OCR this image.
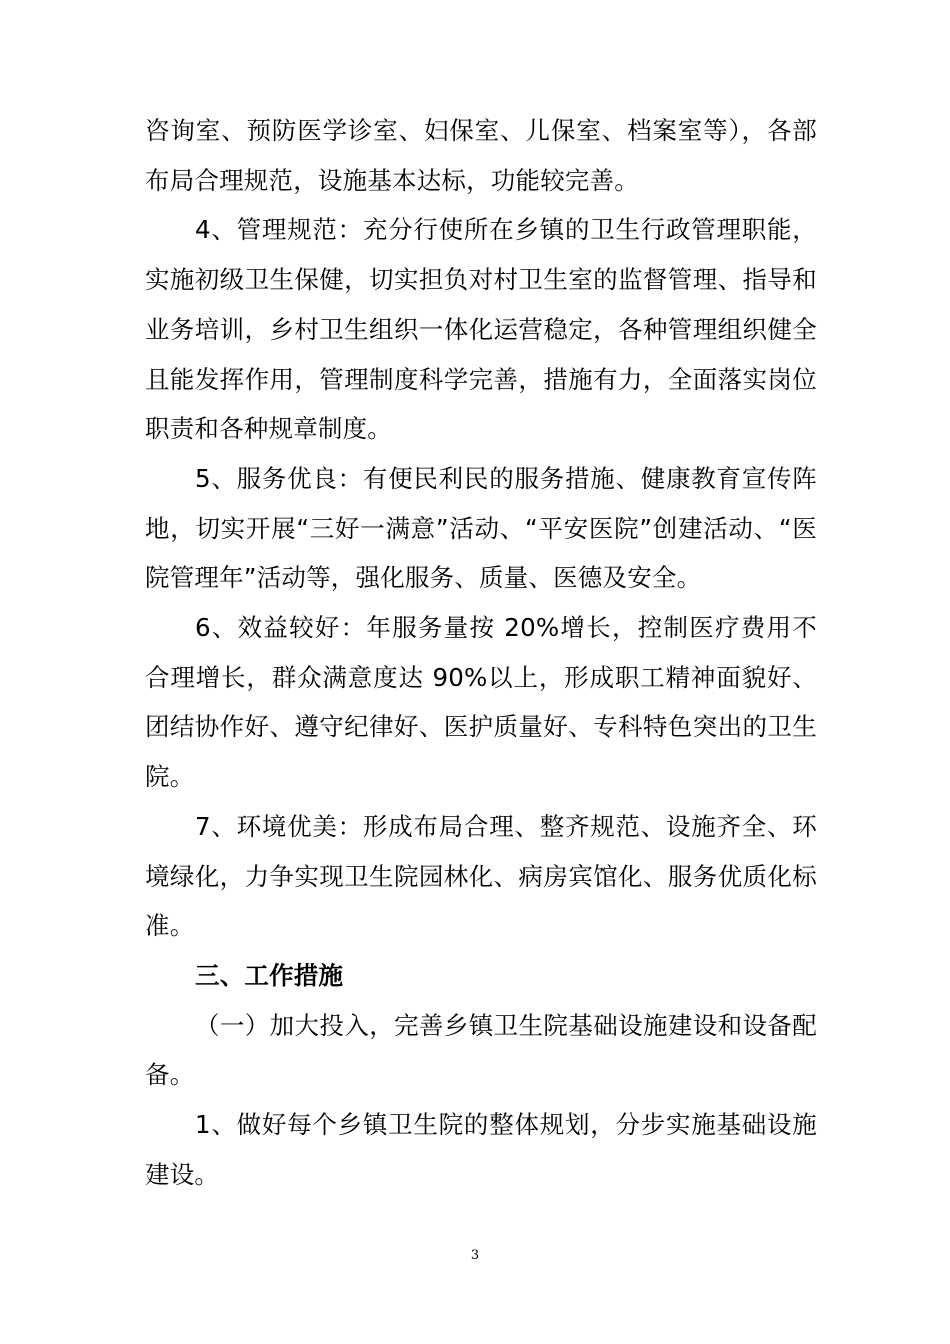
咨询室、预防医学诊室、妇保室、儿保室、档案室等），各部布局合理规范，设施基本达标，功能较完善。

4、管理规范：充分行使所在乡镇的卫生行政管理职能，实施初级卫生保健，切实担负对村卫生室的监督管理、指导和业务培训，乡村卫生组织一体化运营稳定，各种管理组织健全且能发挥作用，管理制度科学完善，措施有力，全面落实岗位职责和各种规章制度。

5、服务优良：有便民利民的服务措施、健康教育宣传阵地，切实开展“三好一满意”活动、“平安医院”创建活动、“医院管理年”活动等，强化服务、质量、医德及安全。

6、效益较好：年服务量按 20%增长，控制医疗费用不合理增长，群众满意度达 90%以上，形成职工精神面貌好、团结协作好、遵守纪律好、医护质量好、专科特色突出的卫生院。

7、环境优美：形成布局合理、整齐规范、设施齐全、环境绿化，力争实现卫生院园林化、病房宾馆化、服务优质化标准。

三、工作措施

（一）加大投入，完善乡镇卫生院基础设施建设和设备配备。

1、做好每个乡镇卫生院的整体规划，分步实施基础设施建设。

3
